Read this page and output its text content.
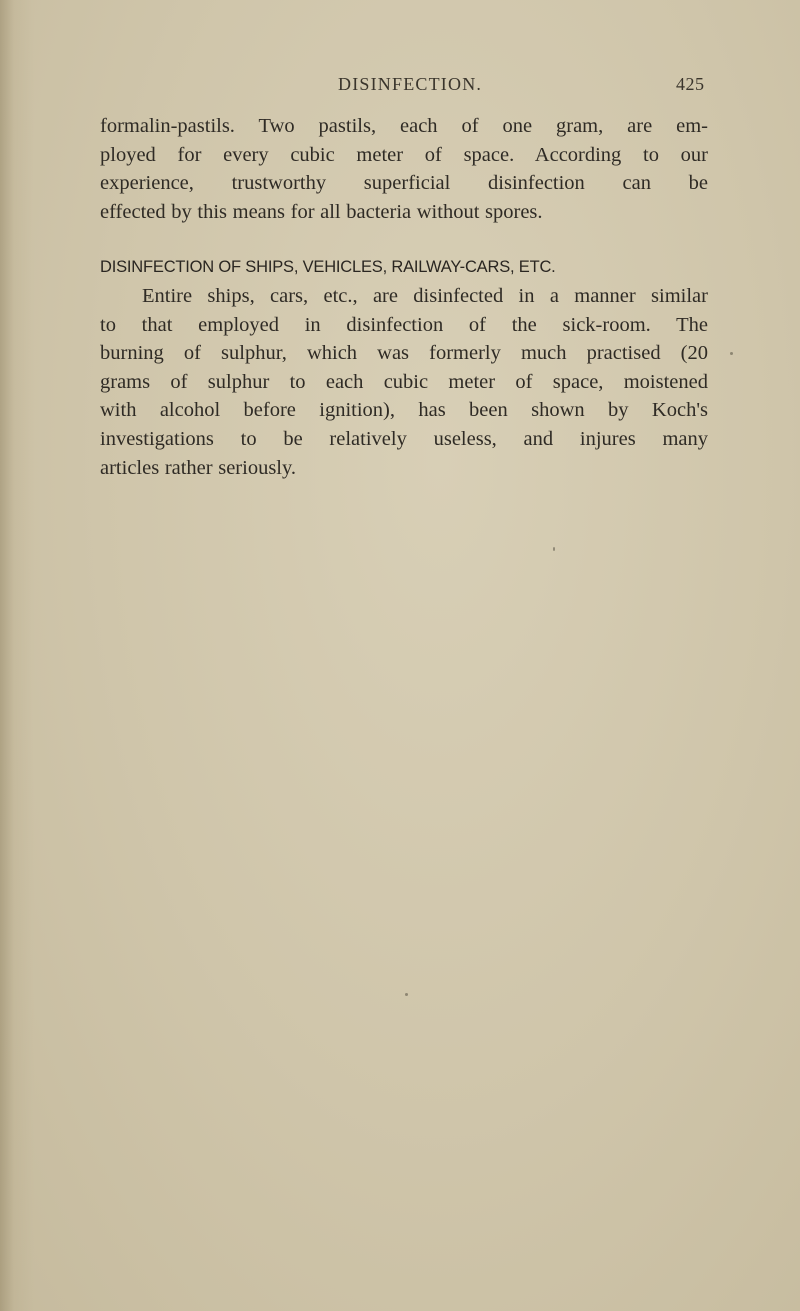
DISINFECTION.	425
formalin-pastils. Two pastils, each of one gram, are em-
ployed for every cubic meter of space. According to our
experience, trustworthy superficial disinfection can be
effected by this means for all bacteria without spores.
DISINFECTION OF SHIPS, VEHICLES, RAILWAY-CARS, ETC.
Entire ships, cars, etc., are disinfected in a manner similar
to that employed in disinfection of the sick-room. The
burning of sulphur, which was formerly much practised (20
grams of sulphur to each cubic meter of space, moistened
with alcohol before ignition), has been shown by Koch's
investigations to be relatively useless, and injures many
articles rather seriously.
